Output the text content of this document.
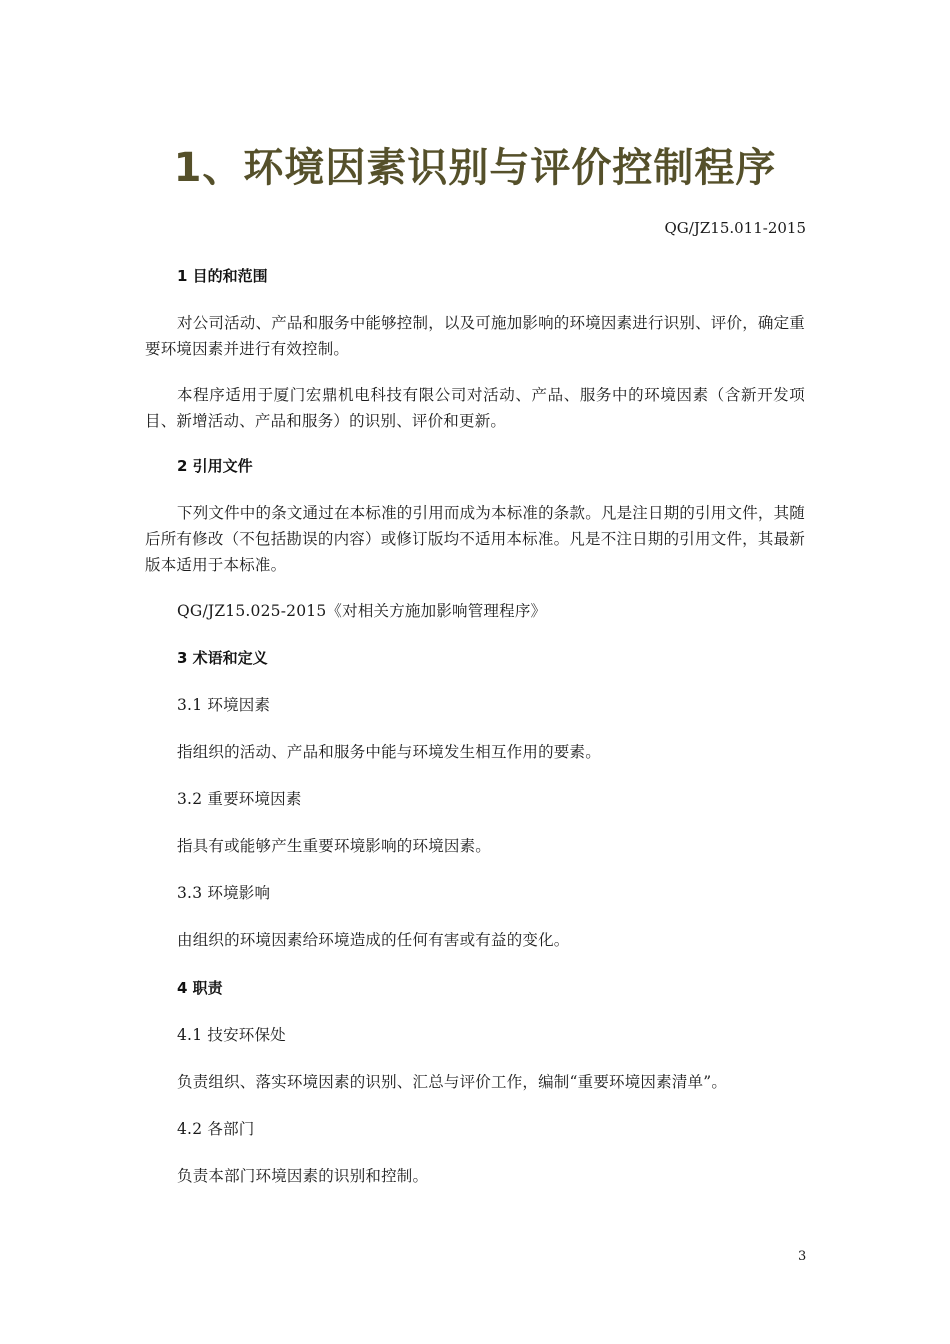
1、环境因素识别与评价控制程序
QG/JZ15.011-2015
1 目的和范围
对公司活动、产品和服务中能够控制，以及可施加影响的环境因素进行识别、评价，确定重要环境因素并进行有效控制。
本程序适用于厦门宏鼎机电科技有限公司对活动、产品、服务中的环境因素（含新开发项目、新增活动、产品和服务）的识别、评价和更新。
2 引用文件
下列文件中的条文通过在本标准的引用而成为本标准的条款。凡是注日期的引用文件，其随后所有修改（不包括勘误的内容）或修订版均不适用本标准。凡是不注日期的引用文件，其最新版本适用于本标准。
QG/JZ15.025-2015《对相关方施加影响管理程序》
3 术语和定义
3.1 环境因素
指组织的活动、产品和服务中能与环境发生相互作用的要素。
3.2 重要环境因素
指具有或能够产生重要环境影响的环境因素。
3.3 环境影响
由组织的环境因素给环境造成的任何有害或有益的变化。
4 职责
4.1 技安环保处
负责组织、落实环境因素的识别、汇总与评价工作，编制“重要环境因素清单”。
4.2 各部门
负责本部门环境因素的识别和控制。
3
